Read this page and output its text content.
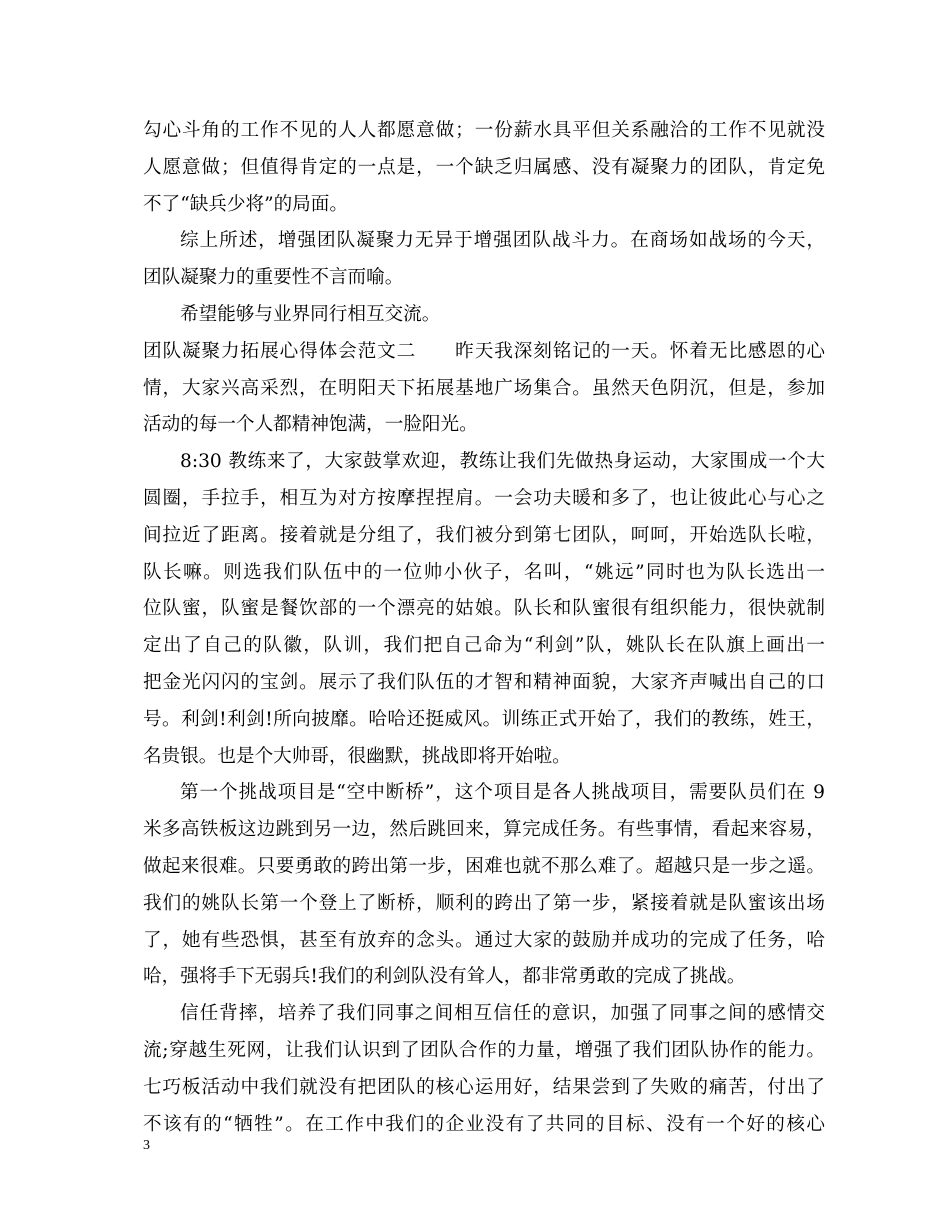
勾心斗角的工作不见的人人都愿意做；一份薪水具平但关系融洽的工作不见就没
人愿意做；但值得肯定的一点是，一个缺乏归属感、没有凝聚力的团队，肯定免
不了“缺兵少将”的局面。
综上所述，增强团队凝聚力无异于增强团队战斗力。在商场如战场的今天，
团队凝聚力的重要性不言而喻。
希望能够与业界同行相互交流。
团队凝聚力拓展心得体会范文二　　昨天我深刻铭记的一天。怀着无比感恩的心
情，大家兴高采烈，在明阳天下拓展基地广场集合。虽然天色阴沉，但是，参加
活动的每一个人都精神饱满，一脸阳光。
8:30 教练来了，大家鼓掌欢迎，教练让我们先做热身运动，大家围成一个大
圆圈，手拉手，相互为对方按摩捏捏肩。一会功夫暖和多了，也让彼此心与心之
间拉近了距离。接着就是分组了，我们被分到第七团队，呵呵，开始选队长啦，
队长嘛。则选我们队伍中的一位帅小伙子，名叫，“姚远”同时也为队长选出一
位队蜜，队蜜是餐饮部的一个漂亮的姑娘。队长和队蜜很有组织能力，很快就制
定出了自己的队徽，队训，我们把自己命为“利剑”队，姚队长在队旗上画出一
把金光闪闪的宝剑。展示了我们队伍的才智和精神面貌，大家齐声喊出自己的口
号。利剑!利剑!所向披靡。哈哈还挺威风。训练正式开始了，我们的教练，姓王，
名贵银。也是个大帅哥，很幽默，挑战即将开始啦。
第一个挑战项目是“空中断桥”，这个项目是各人挑战项目，需要队员们在 9
米多高铁板这边跳到另一边，然后跳回来，算完成任务。有些事情，看起来容易，
做起来很难。只要勇敢的跨出第一步，困难也就不那么难了。超越只是一步之遥。
我们的姚队长第一个登上了断桥，顺利的跨出了第一步，紧接着就是队蜜该出场
了，她有些恐惧，甚至有放弃的念头。通过大家的鼓励并成功的完成了任务，哈
哈，强将手下无弱兵!我们的利剑队没有耸人，都非常勇敢的完成了挑战。
信任背摔，培养了我们同事之间相互信任的意识，加强了同事之间的感情交
流;穿越生死网，让我们认识到了团队合作的力量，增强了我们团队协作的能力。
七巧板活动中我们就没有把团队的核心运用好，结果尝到了失败的痛苦，付出了
不该有的“牺牲”。在工作中我们的企业没有了共同的目标、没有一个好的核心
3
